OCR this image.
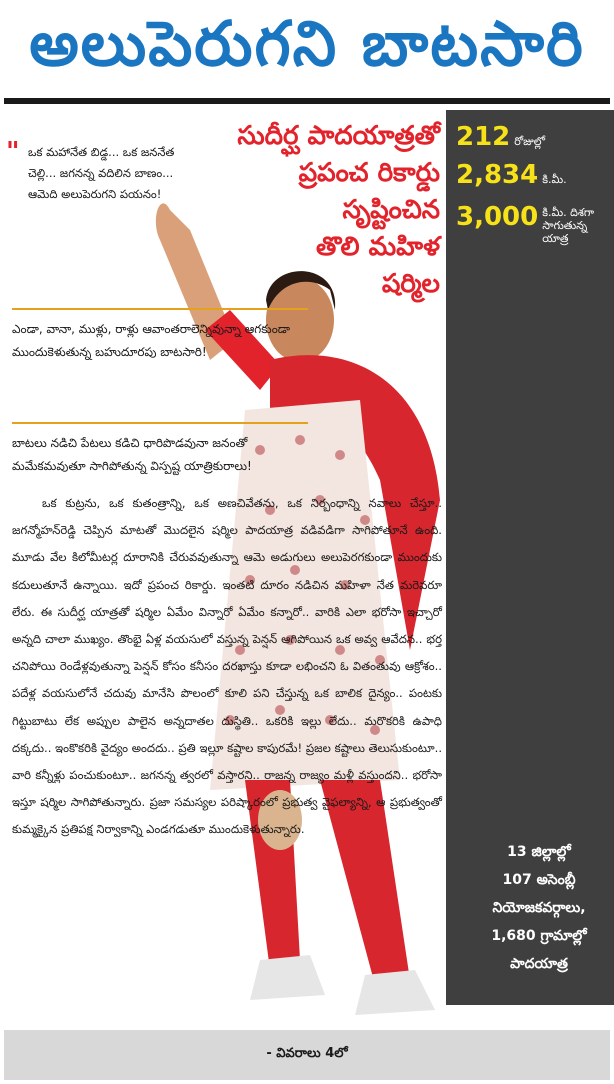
అలుపెరుగని బాటసారి
212 రోజుల్లో
2,834 కి.మీ.
3,000 కి.మీ. దిశగా సాగుతున్న యాత్ర
సుదీర్ఘ పాదయాత్రతో
ప్రపంచ రికార్డు
సృష్టించిన
తొలి మహిళ
షర్మిల
" ఒక మహానేత బిడ్డ... ఒక జననేత చెల్లి... జగనన్న వదిలిన బాణం... ఆమెది అలుపెరుగని పయనం!
ఎండా, వానా, ముళ్లు, రాళ్లు ఆవాంతరాలెన్నివున్నా ఆగకుండా ముందుకెళుతున్న బహుదూరపు బాటసారి!
బాటలు నడిచి పేటలు కడిచి ధారిపొడవునా జనంతో మమేకమవుతూ సాగిపోతున్న విస్పష్ట యాత్రికురాలు!

ఒక కుట్రను, ఒక కుతంత్రాన్ని, ఒక అణచివేతను, ఒక నిర్బంధాన్ని నవాలు చేస్తూ.. జగన్మోహన్‌రెడ్డి చెప్పిన మాటతో మొదలైన షర్మిల పాదయాత్ర వడివడిగా సాగిపోతూనే ఉంది. మూడు వేల కిలోమీటర్ల దూరానికి చేరువవుతున్నా ఆమె అడుగులు అలుపెరగకుండా ముందుకు కదులుతూనే ఉన్నాయి. ఇదో ప్రపంచ రికార్డు. ఇంతటి దూరం నడిచిన మహిళా నేత మరెవరూ లేరు. ఈ సుదీర్ఘ యాత్రతో షర్మిల ఏమేం విన్నారో ఏమేం కన్నారో.. వారికి ఎలా భరోసా ఇచ్చారో అన్నది చాలా ముఖ్యం. తొంభై ఏళ్ల వయసులో వస్తున్న పెన్షన్ ఆగిపోయిన ఒక అవ్వ ఆవేదన.. భర్త చనిపోయి రెండేళ్లవుతున్నా పెన్షన్ కోసం కనీసం దరఖాస్తు కూడా లభించని ఓ వితంతువు ఆక్రోశం.. పదేళ్ల వయసులోనే చదువు మానేసి పొలంలో కూలి పని చేస్తున్న ఒక బాలిక దైన్యం.. పంటకు గిట్టుబాటు లేక అప్పుల పాలైన అన్నదాతల దుస్థితి.. ఒకరికి ఇల్లు లేదు.. మరొకరికి ఉపాధి దక్కదు.. ఇంకొకరికి వైద్యం అందదు.. ప్రతి ఇల్లూ కష్టాల కాపురమే! ప్రజల కష్టాలు తెలుసుకుంటూ.. వారి కన్నీళ్లు పంచుకుంటూ.. జగనన్న త్వరలో వస్తారని.. రాజన్న రాజ్యం మళ్లీ వస్తుందని.. భరోసా ఇస్తూ షర్మిల సాగిపోతున్నారు. ప్రజా సమస్యల పరిష్కారంలో ప్రభుత్వ వైఫల్యాన్ని, ఆ ప్రభుత్వంతో కుమ్మక్కైన ప్రతిపక్ష నిర్వాకాన్ని ఎండగడుతూ ముందుకెళుతున్నారు.

13 జిల్లాల్లో
107 అసెంబ్లీ
నియోజకవర్గాలు,
1,680 గ్రామాల్లో
పాదయాత్ర
- వివరాలు 4లో
